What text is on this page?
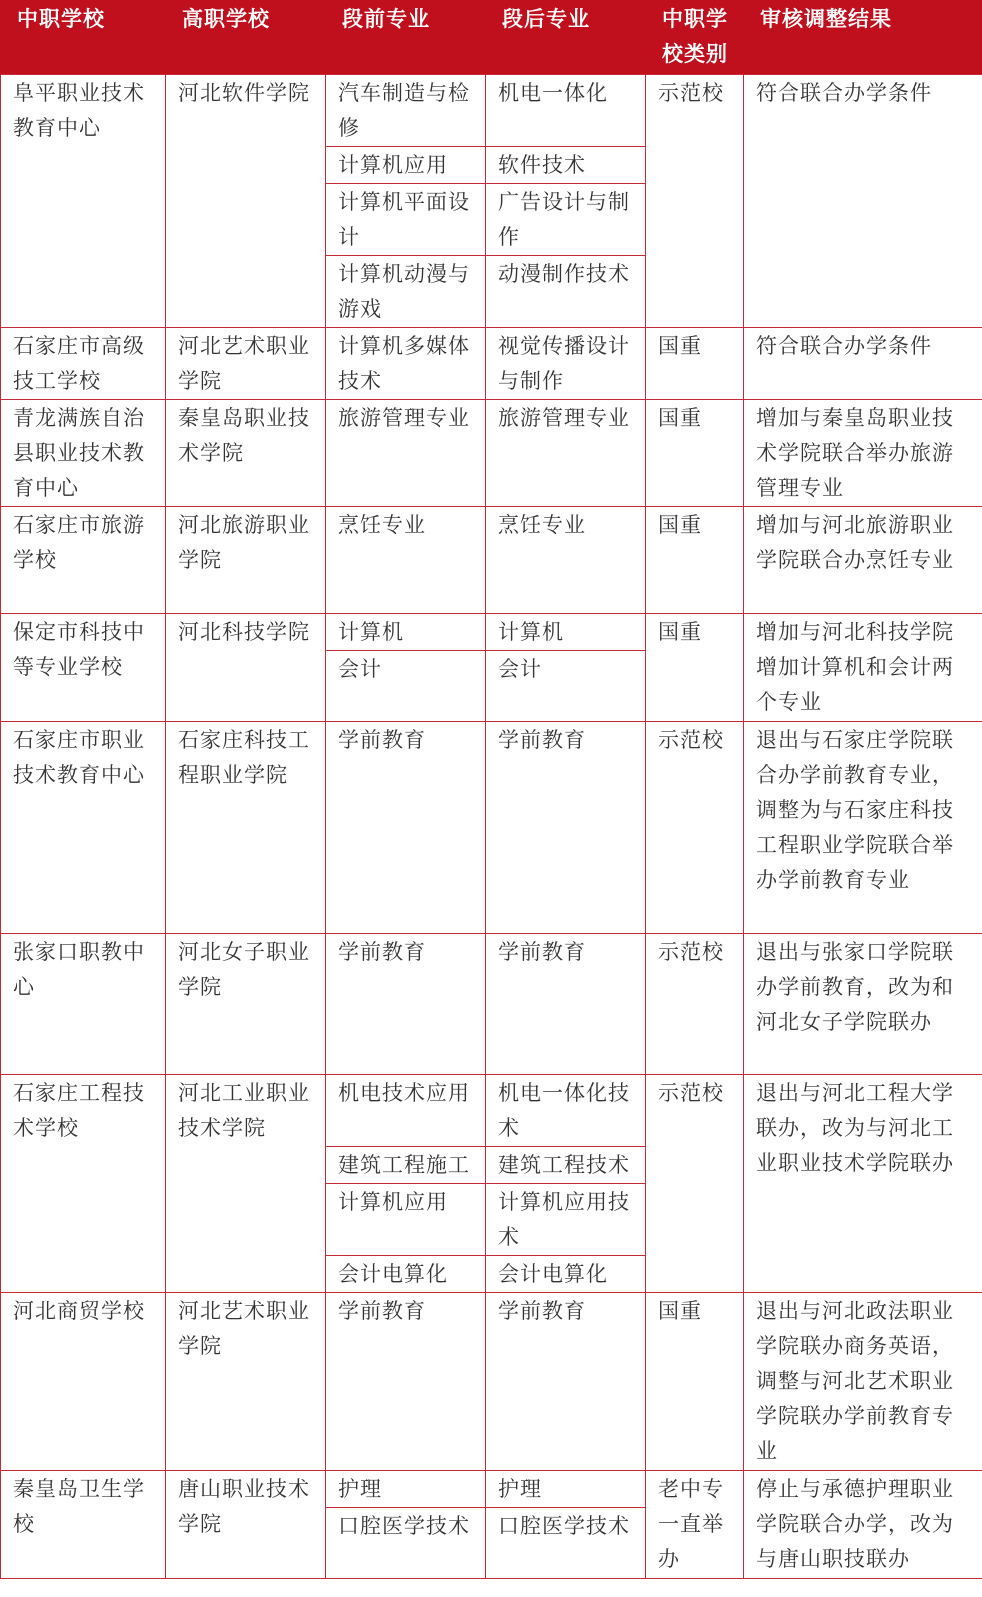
中职学校	高职学校	段前专业	段后专业	中职学校类别	审核调整结果
阜平职业技术教育中心	河北软件学院	汽车制造与检修	机电一体化	示范校	符合联合办学条件
		计算机应用	软件技术		
		计算机平面设计	广告设计与制作		
		计算机动漫与游戏	动漫制作技术		
石家庄市高级技工学校	河北艺术职业学院	计算机多媒体技术	视觉传播设计与制作	国重	符合联合办学条件
青龙满族自治县职业技术教育中心	秦皇岛职业技术学院	旅游管理专业	旅游管理专业	国重	增加与秦皇岛职业技术学院联合举办旅游管理专业
石家庄市旅游学校	河北旅游职业学院	烹饪专业	烹饪专业	国重	增加与河北旅游职业学院联合办烹饪专业
保定市科技中等专业学校	河北科技学院	计算机	计算机	国重	增加与河北科技学院增加计算机和会计两个专业
		会计	会计		
石家庄市职业技术教育中心	石家庄科技工程职业学院	学前教育	学前教育	示范校	退出与石家庄学院联合办学前教育专业，调整为与石家庄科技工程职业学院联合举办学前教育专业
张家口职教中心	河北女子职业学院	学前教育	学前教育	示范校	退出与张家口学院联办学前教育，改为和河北女子学院联办
石家庄工程技术学校	河北工业职业技术学院	机电技术应用	机电一体化技术	示范校	退出与河北工程大学联办，改为与河北工业职业技术学院联办
		建筑工程施工	建筑工程技术		
		计算机应用	计算机应用技术		
		会计电算化	会计电算化		
河北商贸学校	河北艺术职业学院	学前教育	学前教育	国重	退出与河北政法职业学院联办商务英语，调整与河北艺术职业学院联办学前教育专业
秦皇岛卫生学校	唐山职业技术学院	护理	护理	老中专一直举办	停止与承德护理职业学院联合办学，改为与唐山职技联办
		口腔医学技术	口腔医学技术		
